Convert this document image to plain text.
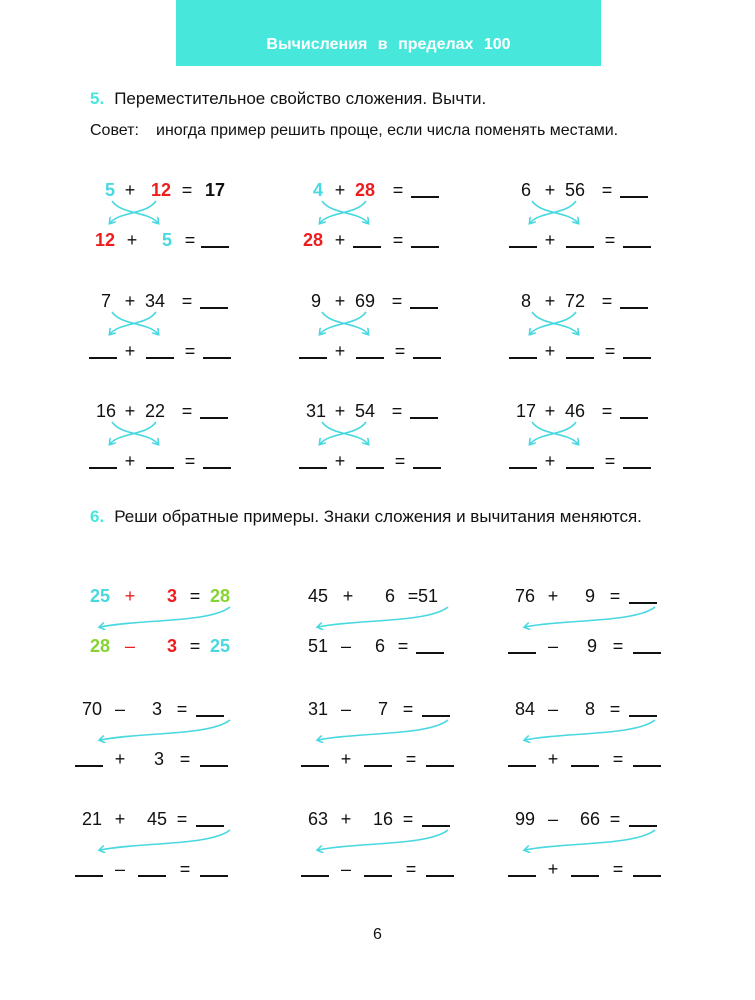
Вычисления в пределах 100
5. Переместительное свойство сложения. Вычти.
Совет: иногда пример решить проще, если числа поменять местами.
5 + 12 = 17
12 + 5 =
4 + 28 =
28 +	=
6 + 56 =
+	=
7 + 34 =
+	=
9 + 69 =
+	=
8 + 72 =
+	=
16 + 22 =
+	=
31 + 54 =
+	=
17 + 46 =
+	=
25 + 3 = 28
28 – 3 = 25
45 + 6 = 51
51 – 6 =
76 + 9 =
– 9 =
70 – 3 =
+ 3 =
31 – 7 =
+	=
84 – 8 =
+	=
21 + 45 =
–	=
63 + 16 =
–	=
99 – 66 =
+	=
6. Реши обратные примеры. Знаки сложения и вычитания меняются.
6
